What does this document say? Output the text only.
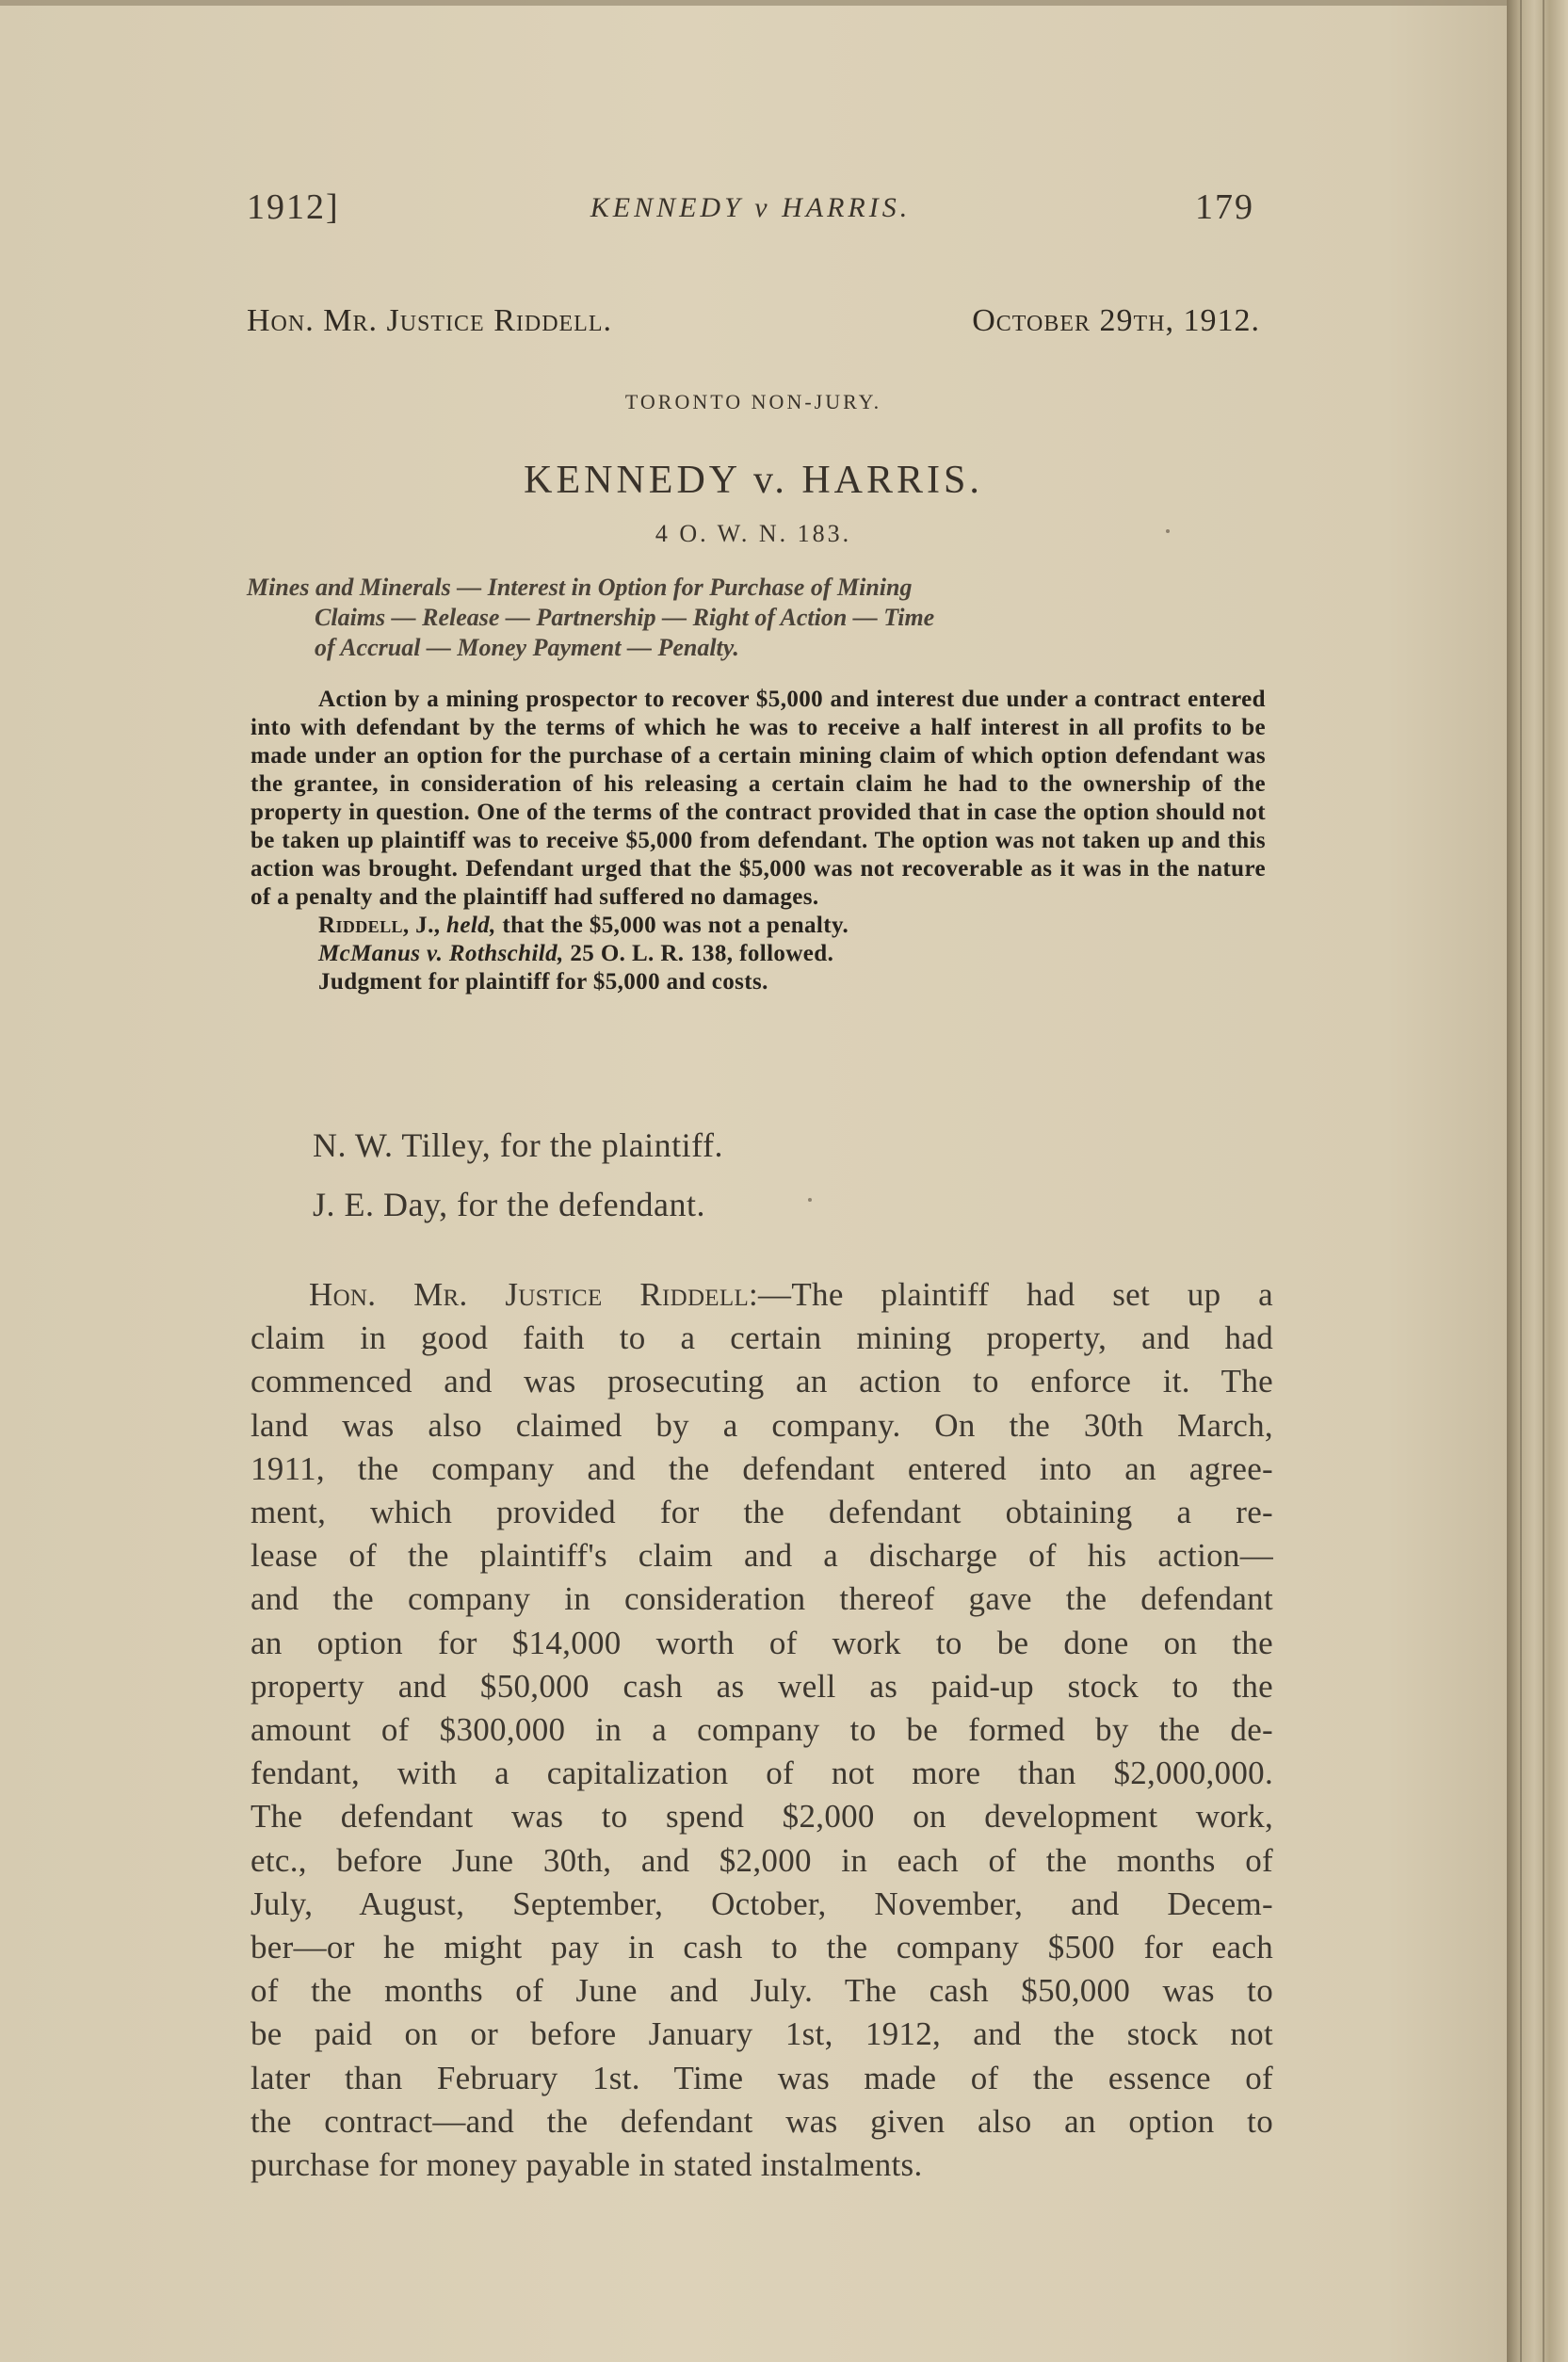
1912]	KENNEDY v HARRIS.	179
Hon. Mr. Justice Riddell.	October 29th, 1912.
TORONTO NON-JURY.
KENNEDY v. HARRIS.
4 O. W. N. 183.
Mines and Minerals — Interest in Option for Purchase of Mining
Claims — Release — Partnership — Right of Action — Time
of Accrual — Money Payment — Penalty.

Action by a mining prospector to recover $5,000 and interest due under a contract entered into with defendant by the terms of which he was to receive a half interest in all profits to be made under an option for the purchase of a certain mining claim of which option defendant was the grantee, in consideration of his releasing a certain claim he had to the ownership of the property in question. One of the terms of the contract provided that in case the option should not be taken up plaintiff was to receive $5,000 from defendant. The option was not taken up and this action was brought. Defendant urged that the $5,000 was not recoverable as it was in the nature of a penalty and the plaintiff had suffered no damages.

Riddell, J., held, that the $5,000 was not a penalty.

McManus v. Rothschild, 25 O. L. R. 138, followed.

Judgment for plaintiff for $5,000 and costs.

N. W. Tilley, for the plaintiff.
J. E. Day, for the defendant.
Hon. Mr. Justice Riddell:—The plaintiff had set up a
claim in good faith to a certain mining property, and had
commenced and was prosecuting an action to enforce it. The
land was also claimed by a company. On the 30th March,
1911, the company and the defendant entered into an agree-
ment, which provided for the defendant obtaining a re-
lease of the plaintiff's claim and a discharge of his action—
and the company in consideration thereof gave the defendant
an option for $14,000 worth of work to be done on the
property and $50,000 cash as well as paid-up stock to the
amount of $300,000 in a company to be formed by the de-
fendant, with a capitalization of not more than $2,000,000.
The defendant was to spend $2,000 on development work,
etc., before June 30th, and $2,000 in each of the months of
July, August, September, October, November, and Decem-
ber—or he might pay in cash to the company $500 for each
of the months of June and July. The cash $50,000 was to
be paid on or before January 1st, 1912, and the stock not
later than February 1st. Time was made of the essence of
the contract—and the defendant was given also an option to
purchase for money payable in stated instalments.
